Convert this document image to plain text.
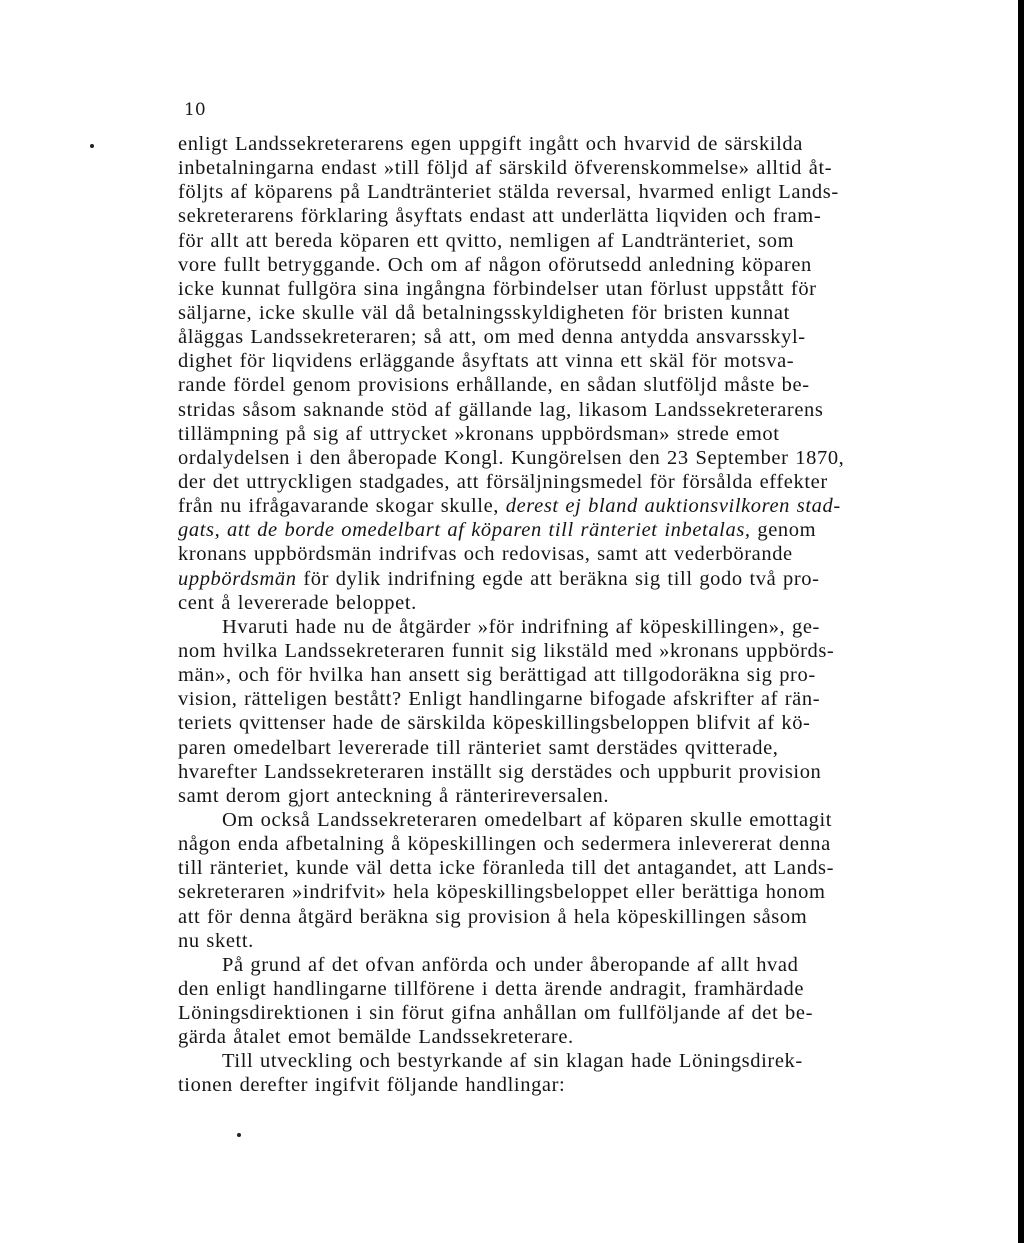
10
enligt Landssekreterarens egen uppgift ingått och hvarvid de särskilda
inbetalningarna endast »till följd af särskild öfverenskommelse» alltid åt-
följts af köparens på Landtränteriet stälda reversal, hvarmed enligt Lands-
sekreterarens förklaring åsyftats endast att underlätta liqviden och fram-
för allt att bereda köparen ett qvitto, nemligen af Landtränteriet, som
vore fullt betryggande. Och om af någon oförutsedd anledning köparen
icke kunnat fullgöra sina ingångna förbindelser utan förlust uppstått för
säljarne, icke skulle väl då betalningsskyldigheten för bristen kunnat
åläggas Landssekreteraren; så att, om med denna antydda ansvarsskyl-
dighet för liqvidens erläggande åsyftats att vinna ett skäl för motsva-
rande fördel genom provisions erhållande, en sådan slutföljd måste be-
stridas såsom saknande stöd af gällande lag, likasom Landssekreterarens
tillämpning på sig af uttrycket »kronans uppbördsman» strede emot
ordalydelsen i den åberopade Kongl. Kungörelsen den 23 September 1870,
der det uttryckligen stadgades, att försäljningsmedel för försålda effekter
från nu ifrågavarande skogar skulle, derest ej bland auktionsvilkoren stad-
gats, att de borde omedelbart af köparen till ränteriet inbetalas, genom
kronans uppbördsmän indrifvas och redovisas, samt att vederbörande
uppbördsmän för dylik indrifning egde att beräkna sig till godo två pro-
cent å levererade beloppet.
Hvaruti hade nu de åtgärder »för indrifning af köpeskillingen», ge-
nom hvilka Landssekreteraren funnit sig likstäld med »kronans uppbörds-
män», och för hvilka han ansett sig berättigad att tillgodoräkna sig pro-
vision, rätteligen bestått? Enligt handlingarne bifogade afskrifter af rän-
teriets qvittenser hade de särskilda köpeskillingsbeloppen blifvit af kö-
paren omedelbart levererade till ränteriet samt derstädes qvitterade,
hvarefter Landssekreteraren inställt sig derstädes och uppburit provision
samt derom gjort anteckning å ränterireversalen.
Om också Landssekreteraren omedelbart af köparen skulle emottagit
någon enda afbetalning å köpeskillingen och sedermera inlevererat denna
till ränteriet, kunde väl detta icke föranleda till det antagandet, att Lands-
sekreteraren »indrifvit» hela köpeskillingsbeloppet eller berättiga honom
att för denna åtgärd beräkna sig provision å hela köpeskillingen såsom
nu skett.
På grund af det ofvan anförda och under åberopande af allt hvad
den enligt handlingarne tillförene i detta ärende andragit, framhärdade
Löningsdirektionen i sin förut gifna anhållan om fullföljande af det be-
gärda åtalet emot bemälde Landssekreterare.
Till utveckling och bestyrkande af sin klagan hade Löningsdirek-
tionen derefter ingifvit följande handlingar:
